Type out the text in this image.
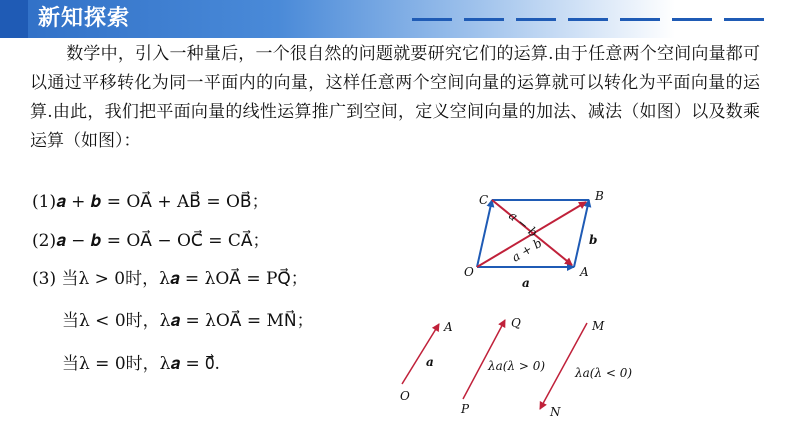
新知探索
数学中，引入一种量后，一个很自然的问题就要研究它们的运算.由于任意两个空间向量都可以通过平移转化为同一平面内的向量，这样任意两个空间向量的运算就可以转化为平面向量的运算.由此，我们把平面向量的线性运算推广到空间，定义空间向量的加法、减法（如图）以及数乘运算（如图）：
(1)𝒂 + 𝒃 = OA⃗ + AB⃗ = OB⃗；
(2)𝒂 − 𝒃 = OA⃗ − OC⃗ = CA⃗；
(3) 当λ > 0时，λ𝒂 = λOA⃗ = PQ⃗；
当λ < 0时，λ𝒂 = λOA⃗ = MN⃗；
当λ = 0时，λ𝒂 = 0⃗.
C	B
O	A
a
b
a + b
a − b
A
O
a
Q
P
λa(λ > 0)
M
N
λa(λ < 0)
